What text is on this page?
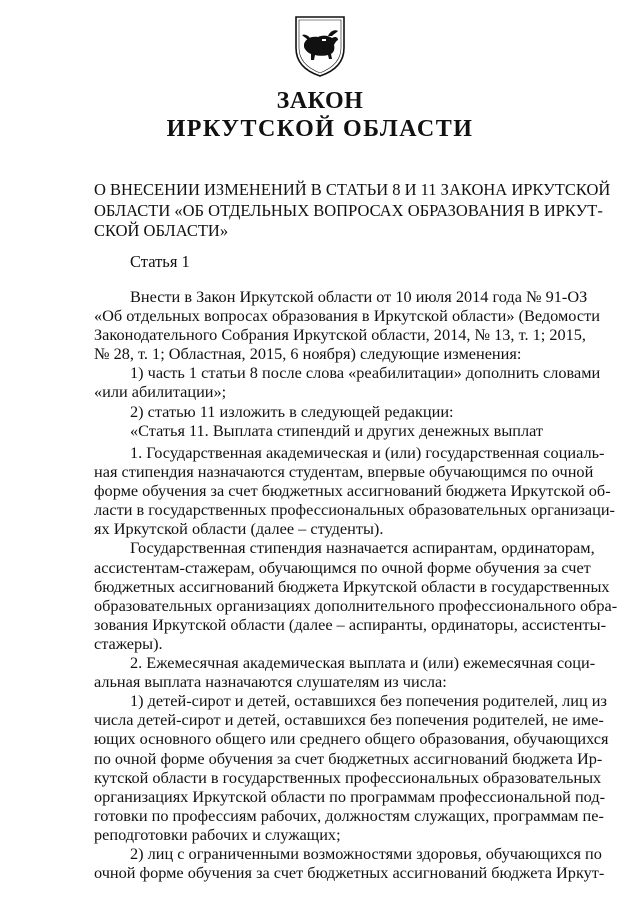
ЗАКОН
ИРКУТСКОЙ ОБЛАСТИ
О ВНЕСЕНИИ ИЗМЕНЕНИЙ В СТАТЬИ 8 И 11 ЗАКОНА ИРКУТСКОЙ
ОБЛАСТИ «ОБ ОТДЕЛЬНЫХ ВОПРОСАХ ОБРАЗОВАНИЯ В ИРКУТ-
СКОЙ ОБЛАСТИ»
Статья 1
Внести в Закон Иркутской области от 10 июля 2014 года № 91-ОЗ
«Об отдельных вопросах образования в Иркутской области» (Ведомости
Законодательного Собрания Иркутской области, 2014, № 13, т. 1; 2015,
№ 28, т. 1; Областная, 2015, 6 ноября) следующие изменения:
1) часть 1 статьи 8 после слова «реабилитации» дополнить словами
«или абилитации»;
2) статью 11 изложить в следующей редакции:
«Статья 11. Выплата стипендий и других денежных выплат
1. Государственная академическая и (или) государственная социаль-
ная стипендия назначаются студентам, впервые обучающимся по очной
форме обучения за счет бюджетных ассигнований бюджета Иркутской об-
ласти в государственных профессиональных образовательных организаци-
ях Иркутской области (далее – студенты).
Государственная стипендия назначается аспирантам, ординаторам,
ассистентам-стажерам, обучающимся по очной форме обучения за счет
бюджетных ассигнований бюджета Иркутской области в государственных
образовательных организациях дополнительного профессионального обра-
зования Иркутской области (далее – аспиранты, ординаторы, ассистенты-
стажеры).
2. Ежемесячная академическая выплата и (или) ежемесячная соци-
альная выплата назначаются слушателям из числа:
1) детей-сирот и детей, оставшихся без попечения родителей, лиц из
числа детей-сирот и детей, оставшихся без попечения родителей, не име-
ющих основного общего или среднего общего образования, обучающихся
по очной форме обучения за счет бюджетных ассигнований бюджета Ир-
кутской области в государственных профессиональных образовательных
организациях Иркутской области по программам профессиональной под-
готовки по профессиям рабочих, должностям служащих, программам пе-
реподготовки рабочих и служащих;
2) лиц с ограниченными возможностями здоровья, обучающихся по
очной форме обучения за счет бюджетных ассигнований бюджета Иркут-
